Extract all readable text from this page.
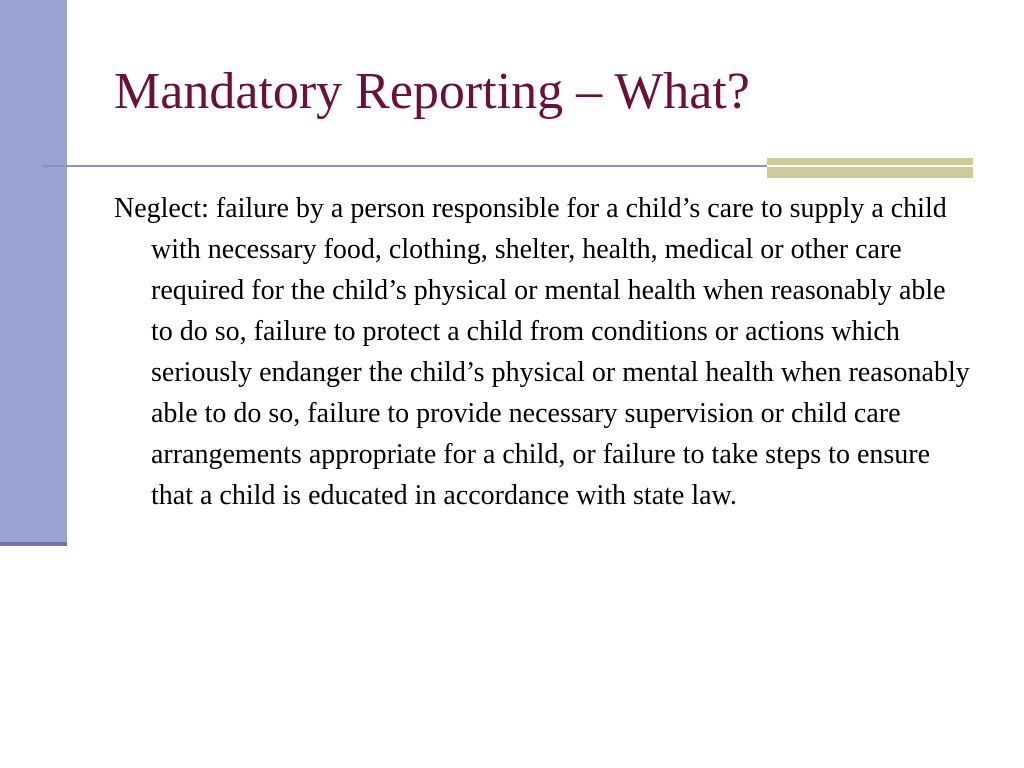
Mandatory Reporting – What?

Neglect: failure by a person responsible for a child’s care to supply a child with necessary food, clothing, shelter, health, medical or other care required for the child’s physical or mental health when reasonably able to do so, failure to protect a child from conditions or actions which seriously endanger the child’s physical or mental health when reasonably able to do so, failure to provide necessary supervision or child care arrangements appropriate for a child, or failure to take steps to ensure that a child is educated in accordance with state law.
